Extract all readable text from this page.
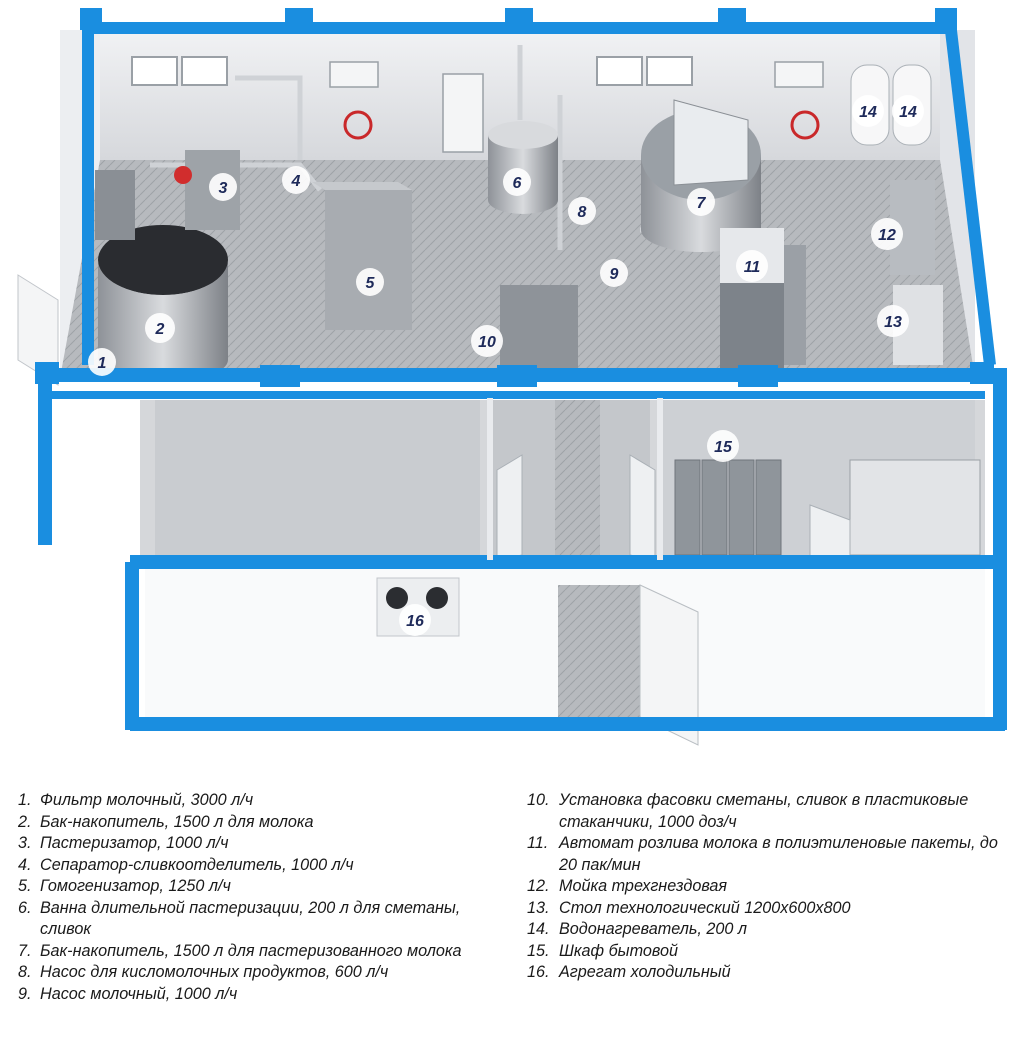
1
2
3	4
5
6
7
8
9
10
11
12
13
14 14
15
16
1. Фильтр молочный, 3000 л/ч
2. Бак-накопитель, 1500 л для молока
3. Пастеризатор, 1000 л/ч
4. Сепаратор-сливкоотделитель, 1000 л/ч
5. Гомогенизатор, 1250 л/ч
6. Ванна длительной пастеризации, 200 л для сметаны, сливок
7. Бак-накопитель, 1500 л для пастеризованного молока
8. Насос для кисломолочных продуктов, 600 л/ч
9. Насос молочный, 1000 л/ч
10. Установка фасовки сметаны, сливок в пластиковые стаканчики, 1000 доз/ч
11. Автомат розлива молока в полиэтиленовые пакеты, до 20 пак/мин
12. Мойка трехгнездовая
13. Стол технологический 1200х600х800
14. Водонагреватель, 200 л
15. Шкаф бытовой
16. Агрегат холодильный
